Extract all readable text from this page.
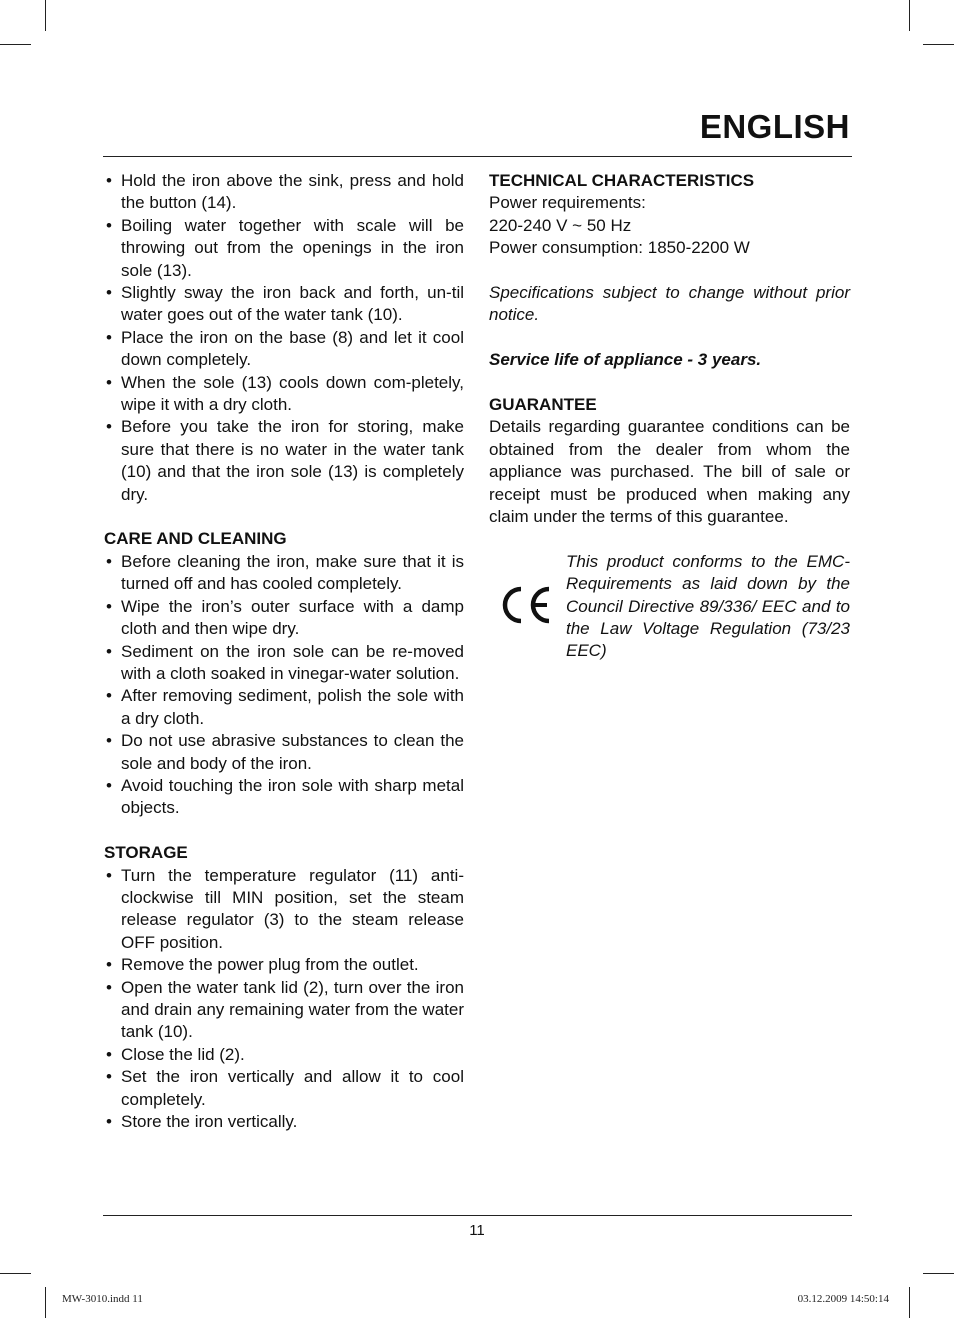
ENGLISH
• Hold the iron above the sink, press and hold the button (14).
• Boiling water together with scale will be throwing out from the openings in the iron sole (13).
• Slightly sway the iron back and forth, un-til water goes out of the water tank (10).
• Place the iron on the base (8) and let it cool down completely.
• When the sole (13) cools down com-pletely, wipe it with a dry cloth.
• Before you take the iron for storing, make sure that there is no water in the water tank (10) and that the iron sole (13) is completely dry.
CARE AND CLEANING
• Before cleaning the iron, make sure that it is turned off and has cooled completely.
• Wipe the iron’s outer surface with a damp cloth and then wipe dry.
• Sediment on the iron sole can be re-moved with a cloth soaked in vinegar-water solution.
• After removing sediment, polish the sole with a dry cloth.
• Do not use abrasive substances to clean the sole and body of the iron.
• Avoid touching the iron sole with sharp metal objects.
STORAGE
• Turn the temperature regulator (11) anti-clockwise till MIN position, set the steam release regulator (3) to the steam release OFF position.
• Remove the power plug from the outlet.
• Open the water tank lid (2), turn over the iron and drain any remaining water from the water tank (10).
• Close the lid (2).
• Set the iron vertically and allow it to cool completely.
• Store the iron vertically.
TECHNICAL CHARACTERISTICS

Power requirements:

220-240 V ~ 50 Hz

Power consumption: 1850-2200 W

Specifications subject to change without prior notice.

Service life of appliance - 3 years.

GUARANTEE

Details regarding guarantee conditions can be obtained from the dealer from whom the appliance was purchased. The bill of sale or receipt must be produced when making any claim under the terms of this guarantee.

This product conforms to the EMC-Requirements as laid down by the Council Directive 89/336/ EEC and to the Law Voltage Regulation (73/23 EEC)

11
MW-3010.indd 11	03.12.2009 14:50:14
